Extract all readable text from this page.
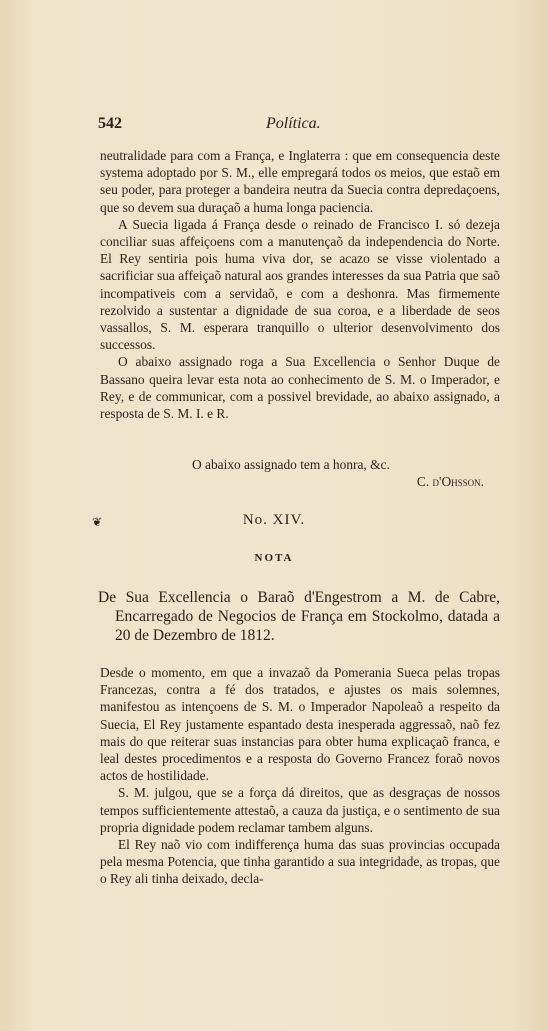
542	Política.

neutralidade para com a França, e Inglaterra : que em consequencia deste systema adoptado por S. M., elle empregará todos os meios, que estaõ em seu poder, para proteger a bandeira neutra da Suecia contra depredaçoens, que so devem sua duraçaõ a huma longa paciencia.

A Suecia ligada á França desde o reinado de Francisco I. só dezeja conciliar suas affeiçoens com a manutençaõ da independencia do Norte. El Rey sentiria pois huma viva dor, se acazo se visse violentado a sacrificiar sua affeiçaõ natural aos grandes interesses da sua Patria que saõ incompativeis com a servidaõ, e com a deshonra. Mas firmemente rezolvido a sustentar a dignidade de sua coroa, e a liberdade de seos vassallos, S. M. esperara tranquillo o ulterior desenvolvimento dos successos.

O abaixo assignado roga a Sua Excellencia o Senhor Duque de Bassano queira levar esta nota ao conhecimento de S. M. o Imperador, e Rey, e de communicar, com a possivel brevidade, ao abaixo assignado, a resposta de S. M. I. e R.

O abaixo assignado tem a honra, &c.
C. d'Ohsson.
❦	No. XIV.
NOTA
De Sua Excellencia o Baraõ d'Engestrom a M. de Cabre, Encarregado de Negocios de França em Stockolmo, datada a 20 de Dezembro de 1812.

Desde o momento, em que a invazaõ da Pomerania Sueca pelas tropas Francezas, contra a fé dos tratados, e ajustes os mais solemnes, manifestou as intençoens de S. M. o Imperador Napoleaõ a respeito da Suecia, El Rey justamente espantado desta inesperada aggressaõ, naõ fez mais do que reiterar suas instancias para obter huma explicaçaõ franca, e leal destes procedimentos e a resposta do Governo Francez foraõ novos actos de hostilidade.

S. M. julgou, que se a força dá direitos, que as desgraças de nossos tempos sufficientemente attestaõ, a cauza da justiça, e o sentimento de sua propria dignidade podem reclamar tambem alguns.

El Rey naõ vio com indifferença huma das suas provincias occupada pela mesma Potencia, que tinha garantido a sua integridade, as tropas, que o Rey ali tinha deixado, decla-
